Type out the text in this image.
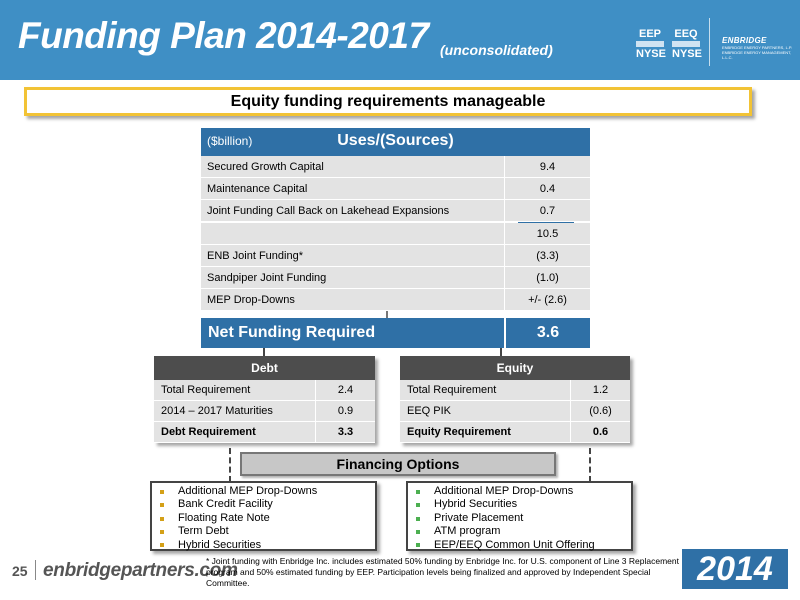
Funding Plan 2014-2017 (unconsolidated)
EEP
NYSE
EEQ
NYSE
ENBRIDGE
ENBRIDGE ENERGY PARTNERS, L.P.
ENBRIDGE ENERGY MANAGEMENT, L.L.C.
Equity funding requirements manageable
($billion)	Uses/(Sources)
Secured Growth Capital	9.4
Maintenance Capital	0.4
Joint Funding Call Back on Lakehead Expansions	0.7
10.5
ENB Joint Funding*	(3.3)
Sandpiper Joint Funding	(1.0)
MEP Drop-Downs	+/- (2.6)
Net Funding Required	3.6
Debt
Total Requirement	2.4
2014 – 2017 Maturities	0.9
Debt Requirement	3.3
Equity
Total Requirement	1.2
EEQ PIK	(0.6)
Equity Requirement	0.6
Financing Options
Additional MEP Drop-Downs
Bank Credit Facility
Floating Rate Note
Term Debt
Hybrid Securities
Additional MEP Drop-Downs
Hybrid Securities
Private Placement
ATM program
EEP/EEQ Common Unit Offering
25 enbridgepartners.com
* Joint funding with Enbridge Inc. includes estimated 50% funding by Enbridge Inc. for U.S. component of Line 3 Replacement program and 50% estimated funding by EEP. Participation levels being finalized and approved by Independent Special Committee.	2014
